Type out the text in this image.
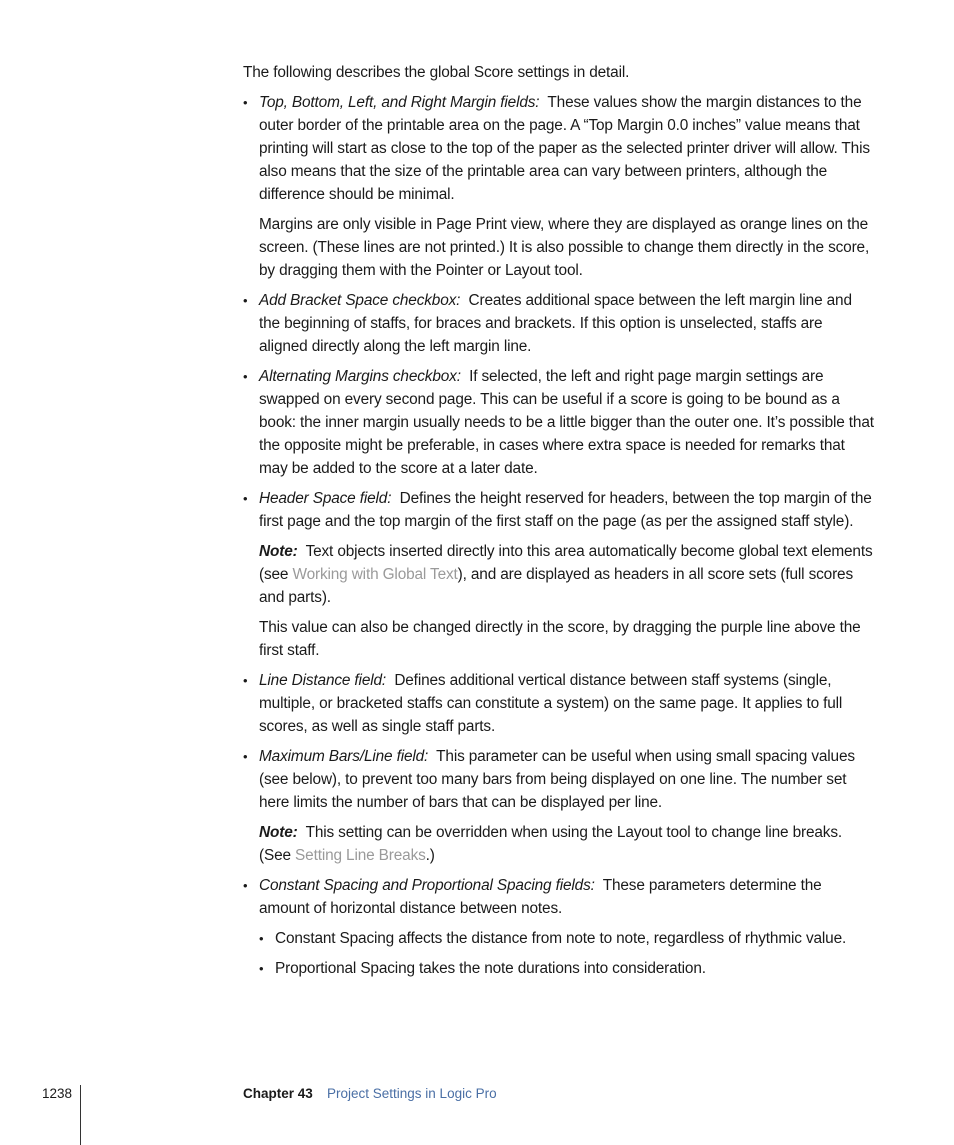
The following describes the global Score settings in detail.

• Top, Bottom, Left, and Right Margin fields: These values show the margin distances to the outer border of the printable area on the page. A “Top Margin 0.0 inches” value means that printing will start as close to the top of the paper as the selected printer driver will allow. This also means that the size of the printable area can vary between printers, although the difference should be minimal.

Margins are only visible in Page Print view, where they are displayed as orange lines on the screen. (These lines are not printed.) It is also possible to change them directly in the score, by dragging them with the Pointer or Layout tool.

• Add Bracket Space checkbox: Creates additional space between the left margin line and the beginning of staffs, for braces and brackets. If this option is unselected, staffs are aligned directly along the left margin line.

• Alternating Margins checkbox: If selected, the left and right page margin settings are swapped on every second page. This can be useful if a score is going to be bound as a book: the inner margin usually needs to be a little bigger than the outer one. It’s possible that the opposite might be preferable, in cases where extra space is needed for remarks that may be added to the score at a later date.

• Header Space field: Defines the height reserved for headers, between the top margin of the first page and the top margin of the first staff on the page (as per the assigned staff style).

Note: Text objects inserted directly into this area automatically become global text elements (see Working with Global Text), and are displayed as headers in all score sets (full scores and parts).

This value can also be changed directly in the score, by dragging the purple line above the first staff.

• Line Distance field: Defines additional vertical distance between staff systems (single, multiple, or bracketed staffs can constitute a system) on the same page. It applies to full scores, as well as single staff parts.

• Maximum Bars/Line field: This parameter can be useful when using small spacing values (see below), to prevent too many bars from being displayed on one line. The number set here limits the number of bars that can be displayed per line.

Note: This setting can be overridden when using the Layout tool to change line breaks. (See Setting Line Breaks.)

• Constant Spacing and Proportional Spacing fields: These parameters determine the amount of horizontal distance between notes.

• Constant Spacing affects the distance from note to note, regardless of rhythmic value.

• Proportional Spacing takes the note durations into consideration.

1238	Chapter 43 Project Settings in Logic Pro
